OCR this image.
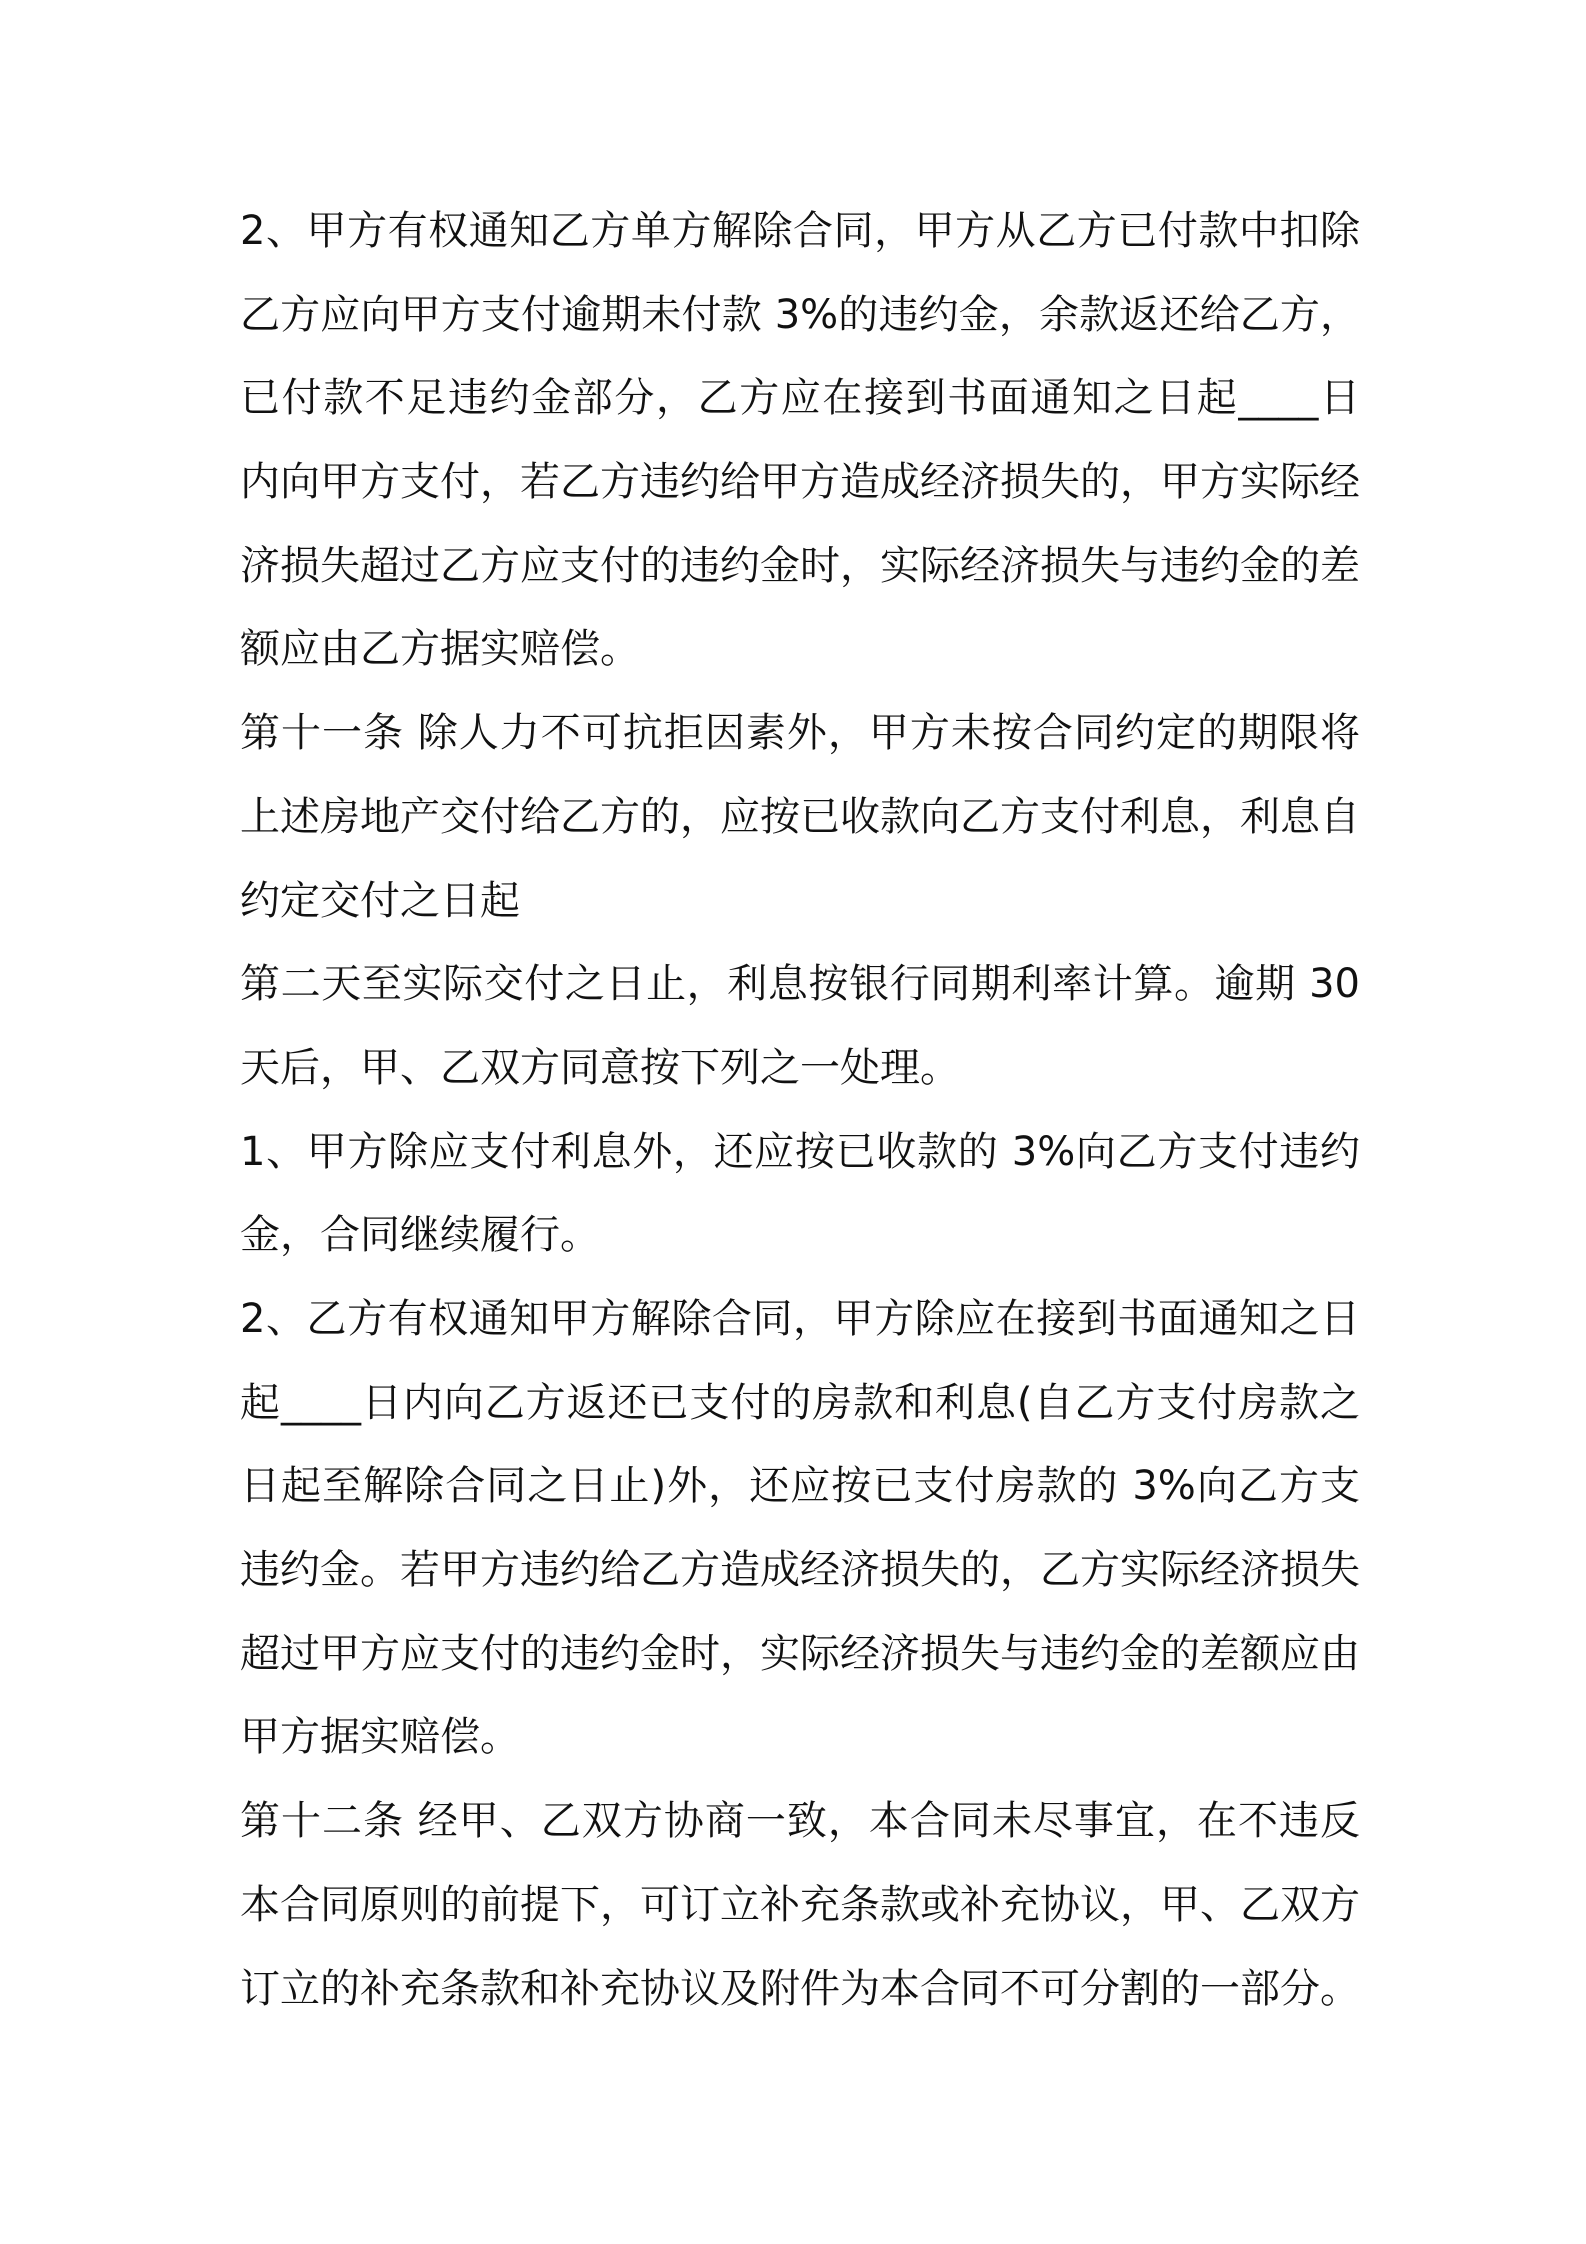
2、甲方有权通知乙方单方解除合同，甲方从乙方已付款中扣除
乙方应向甲方支付逾期未付款 3%的违约金，余款返还给乙方，
已付款不足违约金部分，乙方应在接到书面通知之日起____日
内向甲方支付，若乙方违约给甲方造成经济损失的，甲方实际经
济损失超过乙方应支付的违约金时，实际经济损失与违约金的差
额应由乙方据实赔偿。
第十一条 除人力不可抗拒因素外，甲方未按合同约定的期限将
上述房地产交付给乙方的，应按已收款向乙方支付利息，利息自
约定交付之日起
第二天至实际交付之日止，利息按银行同期利率计算。逾期 30
天后，甲、乙双方同意按下列之一处理。
1、甲方除应支付利息外，还应按已收款的 3%向乙方支付违约
金，合同继续履行。
2、乙方有权通知甲方解除合同，甲方除应在接到书面通知之日
起____日内向乙方返还已支付的房款和利息(自乙方支付房款之
日起至解除合同之日止)外，还应按已支付房款的 3%向乙方支
违约金。若甲方违约给乙方造成经济损失的，乙方实际经济损失
超过甲方应支付的违约金时，实际经济损失与违约金的差额应由
甲方据实赔偿。
第十二条 经甲、乙双方协商一致，本合同未尽事宜，在不违反
本合同原则的前提下，可订立补充条款或补充协议，甲、乙双方
订立的补充条款和补充协议及附件为本合同不可分割的一部分。
